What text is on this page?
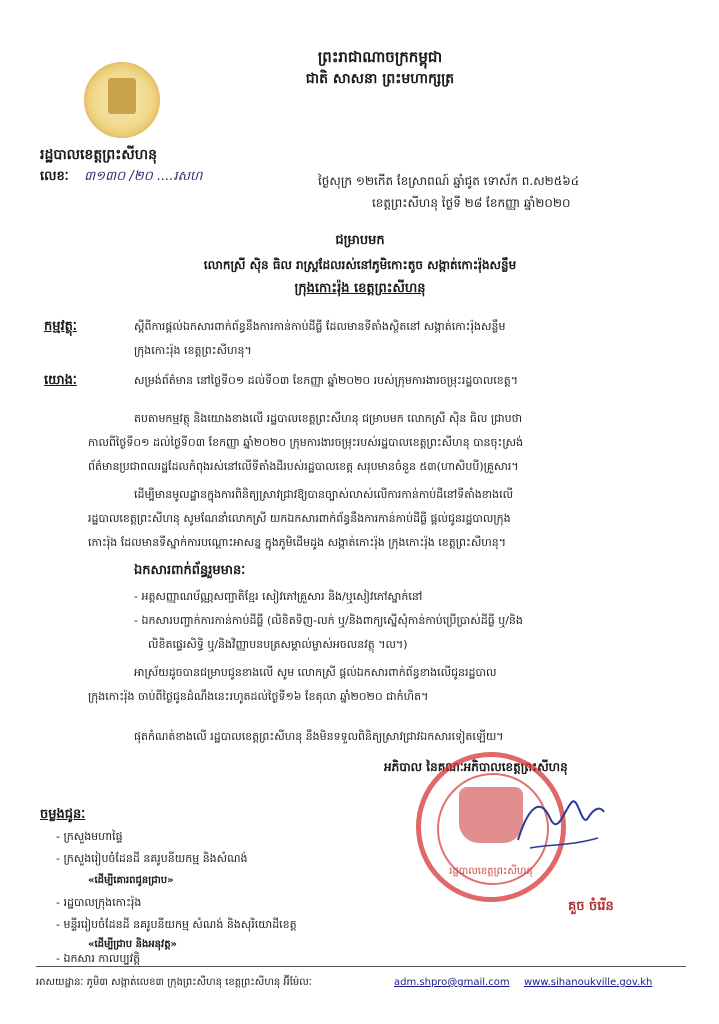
ព្រះរាជាណាចក្រកម្ពុជា
ជាតិ សាសនា ព្រះមហាក្សត្រ
រដ្ឋបាលខេត្តព្រះសីហនុ
លេខៈ ៣១៣០ /២០ ....រសហ	ថ្ងៃសុក្រ ១២កើត ខែស្រាពណ៍ ឆ្នាំជូត ទោស័ក ព.ស២៥៦៤
ខេត្តព្រះសីហនុ ថ្ងៃទី ២៨ ខែកញ្ញា ឆ្នាំ២០២០
ជម្រាបមក
លោកស្រី ស៊ិន ធិល រាស្ត្រដែលរស់នៅភូមិកោះតូច សង្កាត់កោះរ៉ុងសន្លឹម
ក្រុងកោះរ៉ុង ខេត្តព្រះសីហនុ
កម្មវត្ថុៈ	ស្តីពីការផ្តល់ឯកសារពាក់ព័ន្ធនឹងការកាន់កាប់ដីធ្លី ដែលមានទីតាំងស្ថិតនៅ សង្កាត់កោះរ៉ុងសន្លឹម
ក្រុងកោះរ៉ុង ខេត្តព្រះសីហនុ។
យោងៈ	សម្រង់ព័ត៌មាន នៅថ្ងៃទី០១ ដល់ទី០៣ ខែកញ្ញា ឆ្នាំ២០២០ របស់ក្រុមការងារចម្រុះរដ្ឋបាលខេត្ត។
តបតាមកម្មវត្ថុ និងយោងខាងលើ រដ្ឋបាលខេត្តព្រះសីហនុ ជម្រាបមក លោកស្រី ស៊ិន ធិល ជ្រាបថា
កាលពីថ្ងៃទី០១ ដល់ថ្ងៃទី០៣ ខែកញ្ញា ឆ្នាំ២០២០ ក្រុមការងារចម្រុះរបស់រដ្ឋបាលខេត្តព្រះសីហនុ បានចុះស្រង់
ព័ត៌មានប្រជាពលរដ្ឋដែលកំពុងរស់នៅលើទីតាំងដីរបស់រដ្ឋបាលខេត្ត សរុបមានចំនួន ៥៣(ហាសិបបី)គ្រួសារ។
ដើម្បីមានមូលដ្ឋានក្នុងការពិនិត្យស្រាវជ្រាវឱ្យបានច្បាស់លាស់លើការកាន់កាប់ដីនៅទីតាំងខាងលើ
រដ្ឋបាលខេត្តព្រះសីហនុ សូមណែនាំលោកស្រី យកឯកសារពាក់ព័ន្ធនឹងការកាន់កាប់ដីធ្លី ផ្តល់ជូនរដ្ឋបាលក្រុង
កោះរ៉ុង ដែលមានទីស្នាក់ការបណ្តោះអាសន្ន ក្នុងភូមិដើមដូង សង្កាត់កោះរ៉ុង ក្រុងកោះរ៉ុង ខេត្តព្រះសីហនុ។
ឯកសារពាក់ព័ន្ធរួមមានៈ
- អត្តសញ្ញាណប័ណ្ណសញ្ជាតិខ្មែរ សៀវភៅគ្រួសារ និង/ឬសៀវភៅស្នាក់នៅ
- ឯកសារបញ្ជាក់ការកាន់កាប់ដីធ្លី (លិខិតទិញ-លក់ ឬ/និងពាក្យស្នើសុំកាន់កាប់ប្រើប្រាស់ដីធ្លី ឬ/និង
លិខិតផ្ទេរសិទ្ធិ ឬ/និងវិញ្ញាបនបត្រសម្គាល់ម្ចាស់អចលនវត្ថុ ។ល។)
អាស្រ័យដូចបានជម្រាបជូនខាងលើ សូម លោកស្រី ផ្តល់ឯកសារពាក់ព័ន្ធខាងលើជូនរដ្ឋបាល
ក្រុងកោះរ៉ុង ចាប់ពីថ្ងៃជូនដំណឹងនេះរហូតដល់ថ្ងៃទី១៦ ខែតុលា ឆ្នាំ២០២០ ជាកំហិត។
ផុតកំណត់ខាងលើ រដ្ឋបាលខេត្តព្រះសីហនុ នឹងមិនទទួលពិនិត្យស្រាវជ្រាវឯកសារទៀតឡើយ។
អភិបាល នៃគណៈអភិបាលខេត្តព្រះសីហនុ
រដ្ឋបាលខេត្តព្រះសីហនុ
គួច ចំរើន
ចម្លងជូនៈ
- ក្រសួងមហាផ្ទៃ
- ក្រសួងរៀបចំដែនដី នគរូបនីយកម្ម និងសំណង់
«ដើម្បីគោរពជូនជ្រាប»
- រដ្ឋបាលក្រុងកោះរ៉ុង
- មន្ទីររៀបចំដែនដី នគរូបនីយកម្ម សំណង់ និងសុរិយោដីខេត្ត
«ដើម្បីជ្រាប និងអនុវត្ត»
- ឯកសារ កាលប្បវត្តិ
អាសយដ្ឋានៈ ភូមិ៣ សង្កាត់លេខ៣ ក្រុងព្រះសីហនុ ខេត្តព្រះសីហនុ អ៊ីម៉ែលៈ	adm.shpro@gmail.com www.sihanoukville.gov.kh
